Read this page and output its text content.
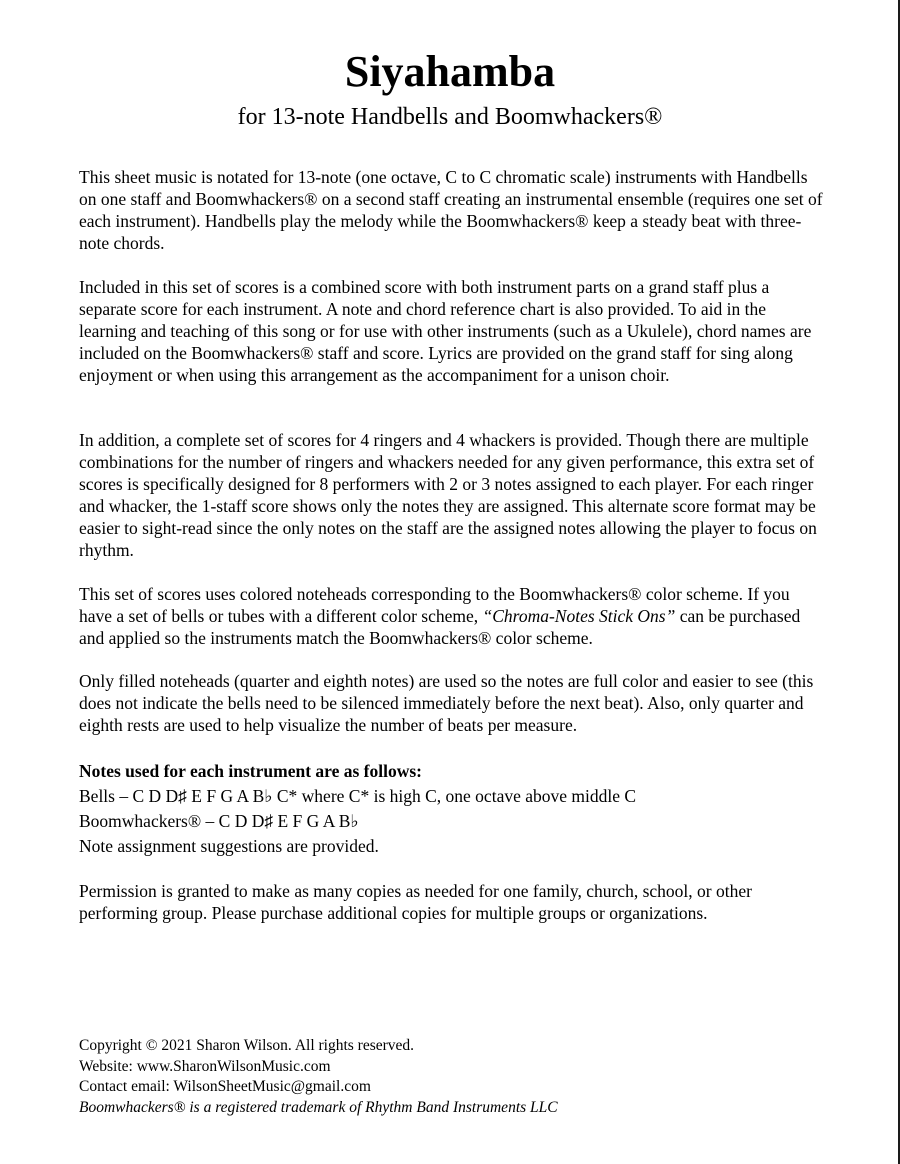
Siyahamba
for 13-note Handbells and Boomwhackers®

This sheet music is notated for 13-note (one octave, C to C chromatic scale) instruments with Handbells on one staff and Boomwhackers® on a second staff creating an instrumental ensemble (requires one set of each instrument). Handbells play the melody while the Boomwhackers® keep a steady beat with three-note chords.

Included in this set of scores is a combined score with both instrument parts on a grand staff plus a separate score for each instrument. A note and chord reference chart is also provided. To aid in the learning and teaching of this song or for use with other instruments (such as a Ukulele), chord names are included on the Boomwhackers® staff and score. Lyrics are provided on the grand staff for sing along enjoyment or when using this arrangement as the accompaniment for a unison choir.

In addition, a complete set of scores for 4 ringers and 4 whackers is provided. Though there are multiple combinations for the number of ringers and whackers needed for any given performance, this extra set of scores is specifically designed for 8 performers with 2 or 3 notes assigned to each player. For each ringer and whacker, the 1-staff score shows only the notes they are assigned. This alternate score format may be easier to sight-read since the only notes on the staff are the assigned notes allowing the player to focus on rhythm.

This set of scores uses colored noteheads corresponding to the Boomwhackers® color scheme. If you have a set of bells or tubes with a different color scheme, “Chroma-Notes Stick Ons” can be purchased and applied so the instruments match the Boomwhackers® color scheme.

Only filled noteheads (quarter and eighth notes) are used so the notes are full color and easier to see (this does not indicate the bells need to be silenced immediately before the next beat). Also, only quarter and eighth rests are used to help visualize the number of beats per measure.

Notes used for each instrument are as follows:
Bells – C D D♯ E F G A B♭ C* where C* is high C, one octave above middle C
Boomwhackers® – C D D♯ E F G A B♭
Note assignment suggestions are provided.

Permission is granted to make as many copies as needed for one family, church, school, or other performing group. Please purchase additional copies for multiple groups or organizations.

Copyright © 2021 Sharon Wilson. All rights reserved.
Website: www.SharonWilsonMusic.com
Contact email: WilsonSheetMusic@gmail.com
Boomwhackers® is a registered trademark of Rhythm Band Instruments LLC
